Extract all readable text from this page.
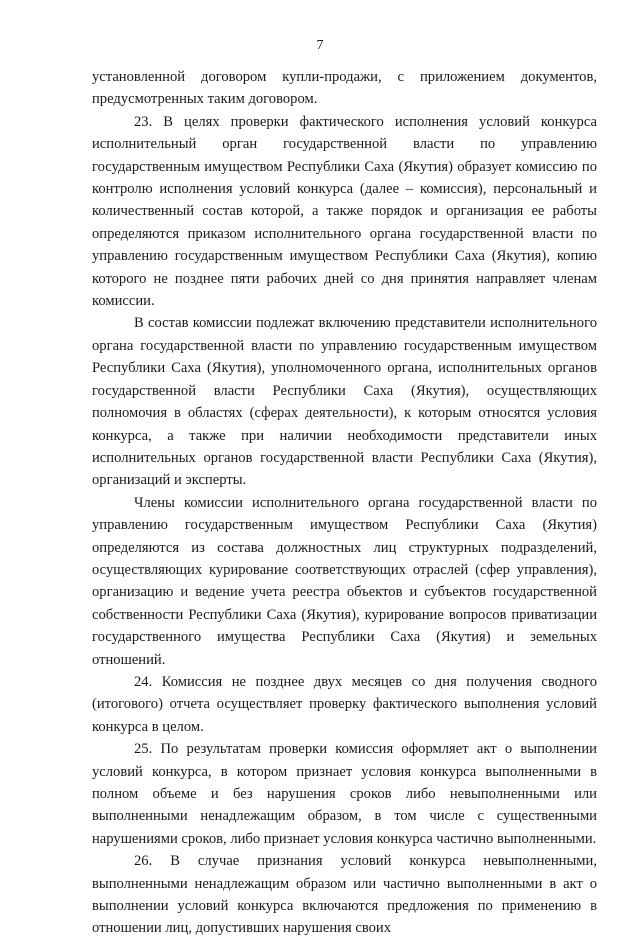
7

установленной договором купли-продажи, с приложением документов, предусмотренных таким договором.

23. В целях проверки фактического исполнения условий конкурса исполнительный орган государственной власти по управлению государственным имуществом Республики Саха (Якутия) образует комиссию по контролю исполнения условий конкурса (далее – комиссия), персональный и количественный состав которой, а также порядок и организация ее работы определяются приказом исполнительного органа государственной власти по управлению государственным имуществом Республики Саха (Якутия), копию которого не позднее пяти рабочих дней со дня принятия направляет членам комиссии.

В состав комиссии подлежат включению представители исполнительного органа государственной власти по управлению государственным имуществом Республики Саха (Якутия), уполномоченного органа, исполнительных органов государственной власти Республики Саха (Якутия), осуществляющих полномочия в областях (сферах деятельности), к которым относятся условия конкурса, а также при наличии необходимости представители иных исполнительных органов государственной власти Республики Саха (Якутия), организаций и эксперты.

Члены комиссии исполнительного органа государственной власти по управлению государственным имуществом Республики Саха (Якутия) определяются из состава должностных лиц структурных подразделений, осуществляющих курирование соответствующих отраслей (сфер управления), организацию и ведение учета реестра объектов и субъектов государственной собственности Республики Саха (Якутия), курирование вопросов приватизации государственного имущества Республики Саха (Якутия) и земельных отношений.

24. Комиссия не позднее двух месяцев со дня получения сводного (итогового) отчета осуществляет проверку фактического выполнения условий конкурса в целом.

25. По результатам проверки комиссия оформляет акт о выполнении условий конкурса, в котором признает условия конкурса выполненными в полном объеме и без нарушения сроков либо невыполненными или выполненными ненадлежащим образом, в том числе с существенными нарушениями сроков, либо признает условия конкурса частично выполненными.

26. В случае признания условий конкурса невыполненными, выполненными ненадлежащим образом или частично выполненными в акт о выполнении условий конкурса включаются предложения по применению в отношении лиц, допустивших нарушения своих
